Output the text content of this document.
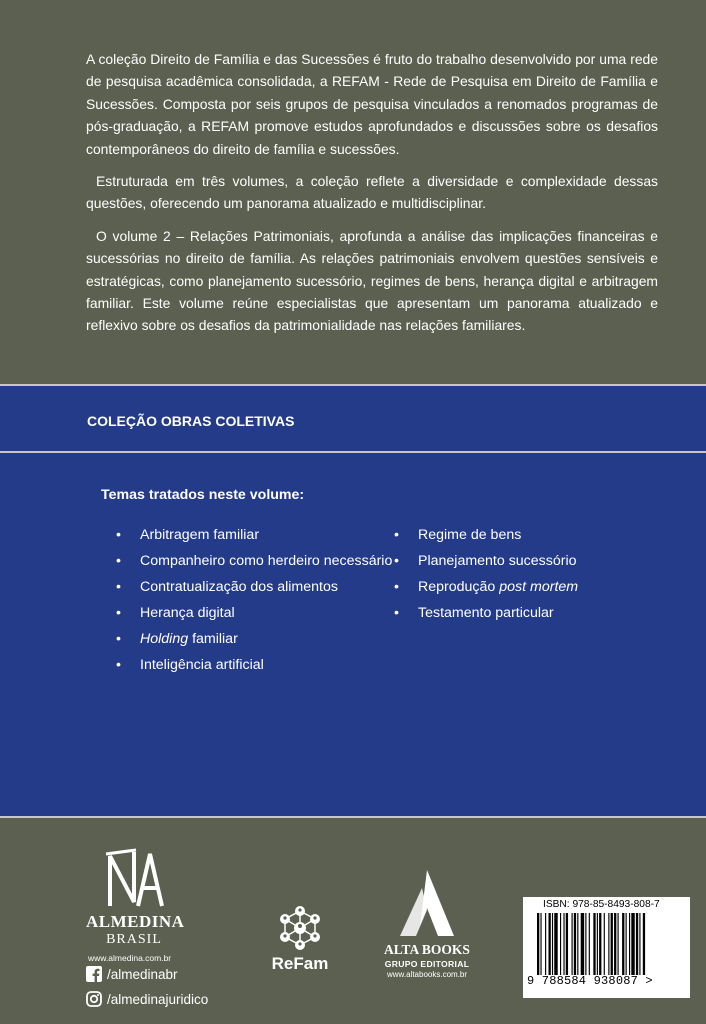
A coleção Direito de Família e das Sucessões é fruto do trabalho desenvolvido por uma rede de pesquisa acadêmica consolidada, a REFAM - Rede de Pesquisa em Direito de Família e Sucessões. Composta por seis grupos de pesquisa vinculados a renomados programas de pós-graduação, a REFAM promove estudos aprofundados e discussões sobre os desafios contemporâneos do direito de família e sucessões.

Estruturada em três volumes, a coleção reflete a diversidade e complexidade dessas questões, oferecendo um panorama atualizado e multidisciplinar.

O volume 2 – Relações Patrimoniais, aprofunda a análise das implicações financeiras e sucessórias no direito de família. As relações patrimoniais envolvem questões sensíveis e estratégicas, como planejamento sucessório, regimes de bens, herança digital e arbitragem familiar. Este volume reúne especialistas que apresentam um panorama atualizado e reflexivo sobre os desafios da patrimonialidade nas relações familiares.

COLEÇÃO OBRAS COLETIVAS
Temas tratados neste volume:
• Arbitragem familiar
• Companheiro como herdeiro necessário
• Contratualização dos alimentos
• Herança digital
• Holding familiar
• Inteligência artificial
• Regime de bens
• Planejamento sucessório
• Reprodução post mortem
• Testamento particular
ALMEDINA
BRASIL
www.almedina.com.br
/almedinabr
/almedinajuridico
ReFam
ALTA BOOKS
GRUPO EDITORIAL
www.altabooks.com.br
ISBN: 978-85-8493-808-7
9 788584 938087 >
